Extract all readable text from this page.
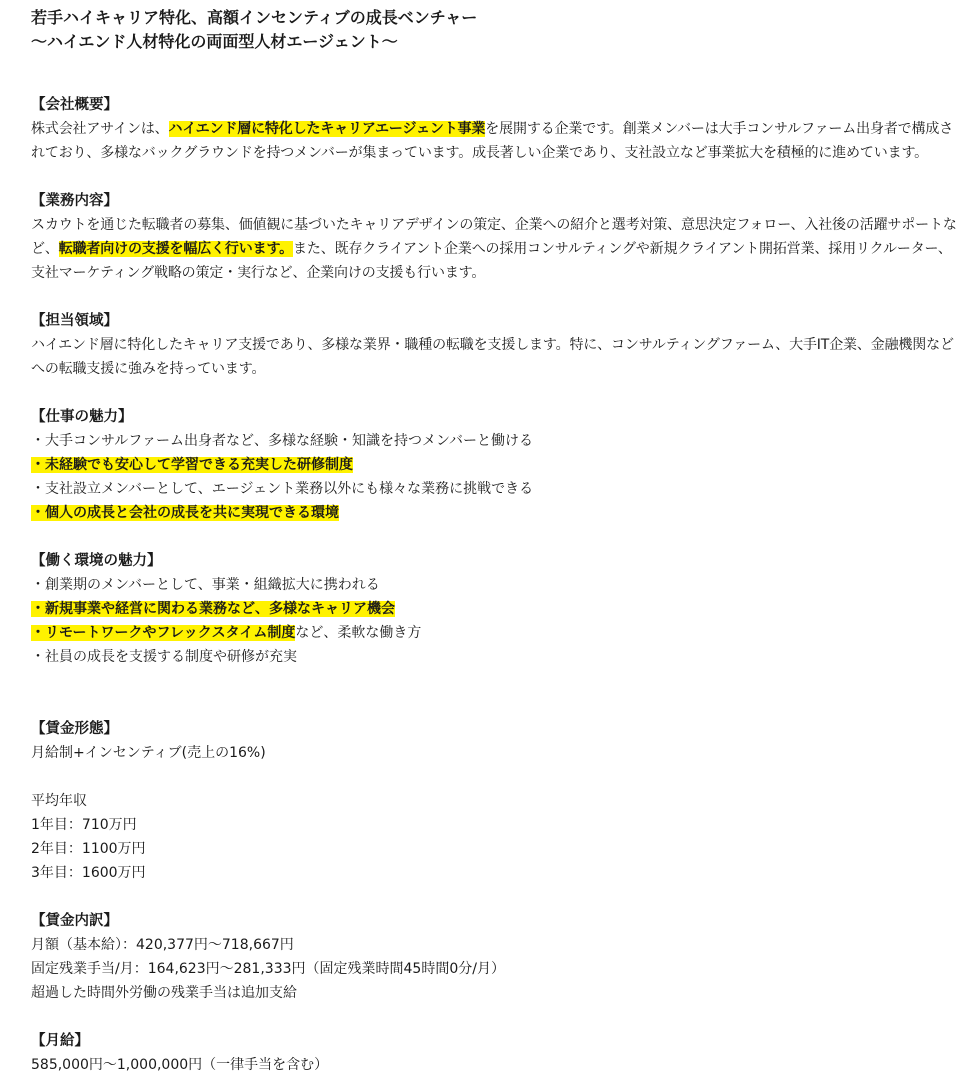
若手ハイキャリア特化、高額インセンティブの成長ベンチャー

〜ハイエンド人材特化の両面型人材エージェント〜

【会社概要】

株式会社アサインは、ハイエンド層に特化したキャリアエージェント事業を展開する企業です。創業メンバーは大手コンサルファーム出身者で構成されており、多様なバックグラウンドを持つメンバーが集まっています。成長著しい企業であり、支社設立など事業拡大を積極的に進めています。

【業務内容】

スカウトを通じた転職者の募集、価値観に基づいたキャリアデザインの策定、企業への紹介と選考対策、意思決定フォロー、入社後の活躍サポートなど、転職者向けの支援を幅広く行います。また、既存クライアント企業への採用コンサルティングや新規クライアント開拓営業、採用リクルーター、支社マーケティング戦略の策定・実行など、企業向けの支援も行います。

【担当領域】

ハイエンド層に特化したキャリア支援であり、多様な業界・職種の転職を支援します。特に、コンサルティングファーム、大手IT企業、金融機関などへの転職支援に強みを持っています。

【仕事の魅力】

・大手コンサルファーム出身者など、多様な経験・知識を持つメンバーと働ける

・未経験でも安心して学習できる充実した研修制度

・支社設立メンバーとして、エージェント業務以外にも様々な業務に挑戦できる

・個人の成長と会社の成長を共に実現できる環境

【働く環境の魅力】

・創業期のメンバーとして、事業・組織拡大に携われる

・新規事業や経営に関わる業務など、多様なキャリア機会

・リモートワークやフレックスタイム制度など、柔軟な働き方

・社員の成長を支援する制度や研修が充実

【賃金形態】

月給制+インセンティブ(売上の16%)

平均年収

1年目：710万円

2年目：1100万円

3年目：1600万円

【賃金内訳】

月額（基本給）：420,377円〜718,667円

固定残業手当/月：164,623円〜281,333円（固定残業時間45時間0分/月）

超過した時間外労働の残業手当は追加支給

【月給】

585,000円〜1,000,000円（一律手当を含む）
